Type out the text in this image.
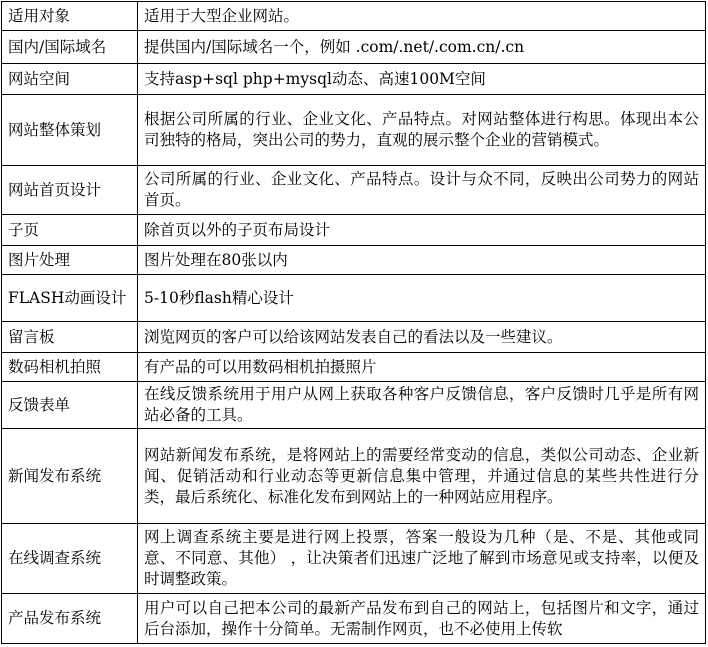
适用对象	适用于大型企业网站。
国内/国际域名	提供国内/国际域名一个，例如 .com/.net/.com.cn/.cn
网站空间	支持asp+sql php+mysql动态、高速100M空间
网站整体策划	根据公司所属的行业、企业文化、产品特点。对网站整体进行构思。体现出本公司独特的格局，突出公司的势力，直观的展示整个企业的营销模式。
网站首页设计	公司所属的行业、企业文化、产品特点。设计与众不同，反映出公司势力的网站首页。
子页	除首页以外的子页布局设计
图片处理	图片处理在80张以内
FLASH动画设计	5-10秒flash精心设计
留言板	浏览网页的客户可以给该网站发表自己的看法以及一些建议。
数码相机拍照	有产品的可以用数码相机拍摄照片
反馈表单	在线反馈系统用于用户从网上获取各种客户反馈信息，客户反馈时几乎是所有网站必备的工具。
新闻发布系统	网站新闻发布系统，是将网站上的需要经常变动的信息，类似公司动态、企业新闻、促销活动和行业动态等更新信息集中管理，并通过信息的某些共性进行分类，最后系统化、标准化发布到网站上的一种网站应用程序。
在线调查系统	网上调查系统主要是进行网上投票，答案一般设为几种（是、不是、其他或同意、不同意、其他） ，让决策者们迅速广泛地了解到市场意见或支持率，以便及时调整政策。
产品发布系统	用户可以自己把本公司的最新产品发布到自己的网站上，包括图片和文字，通过后台添加，操作十分简单。无需制作网页，也不必使用上传软
